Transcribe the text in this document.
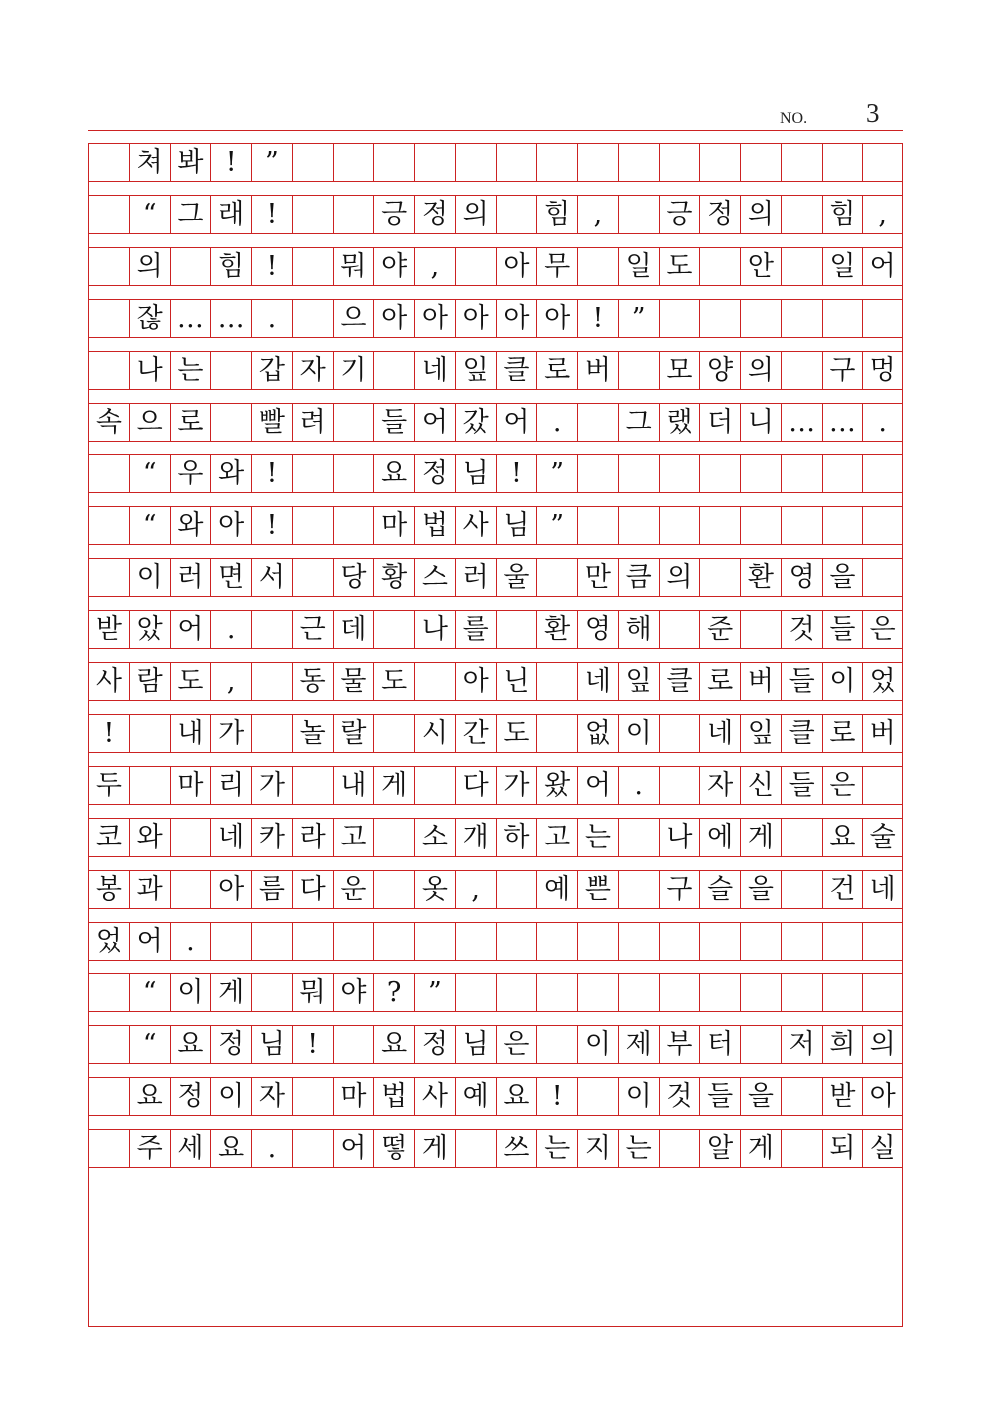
NO. 3
쳐 봐 !	”
“ 그 래 !	긍 정 의 힘 ,	긍 정 의 힘 ,
의 힘 !	뭐 야 ,	아 무 일 도 안 일 어
잖 … … .	으 아 아 아 아 아 !	”
나 는 갑 자 기 네 잎 클 로 버 모 양 의 구 멍
속 으 로 빨 려 들 어 갔 어 .	그 랬 더 니 … … .
“ 우 와 !	요 정 님 !	”
“ 와 아 !	마 법 사 님 ”
이 러 면 서 당 황 스 러 울 만 큼 의 환 영 을
받 았 어 .	근 데 나 를 환 영 해 준 것 들 은
사 람 도 ,	동 물 도 아 닌 네 잎 클 로 버 들 이 었
!	내 가 놀 랄 시 간 도 없 이 네 잎 클 로 버
두 마 리 가 내 게 다 가 왔 어 .	자 신 들 은
코 와 네 카 라 고 소 개 하 고 는 나 에 게 요 술
봉 과 아 름 다 운 옷 ,	예 쁜 구 슬 을 건 네
었 어 .
“ 이 게 뭐 야 ? ”
“ 요 정 님 !	요 정 님 은 이 제 부 터 저 희 의
요 정 이 자 마 법 사 예 요 !	이 것 들 을 받 아
주 세 요 .	어 떻 게 쓰 는 지 는 알 게 되 실
